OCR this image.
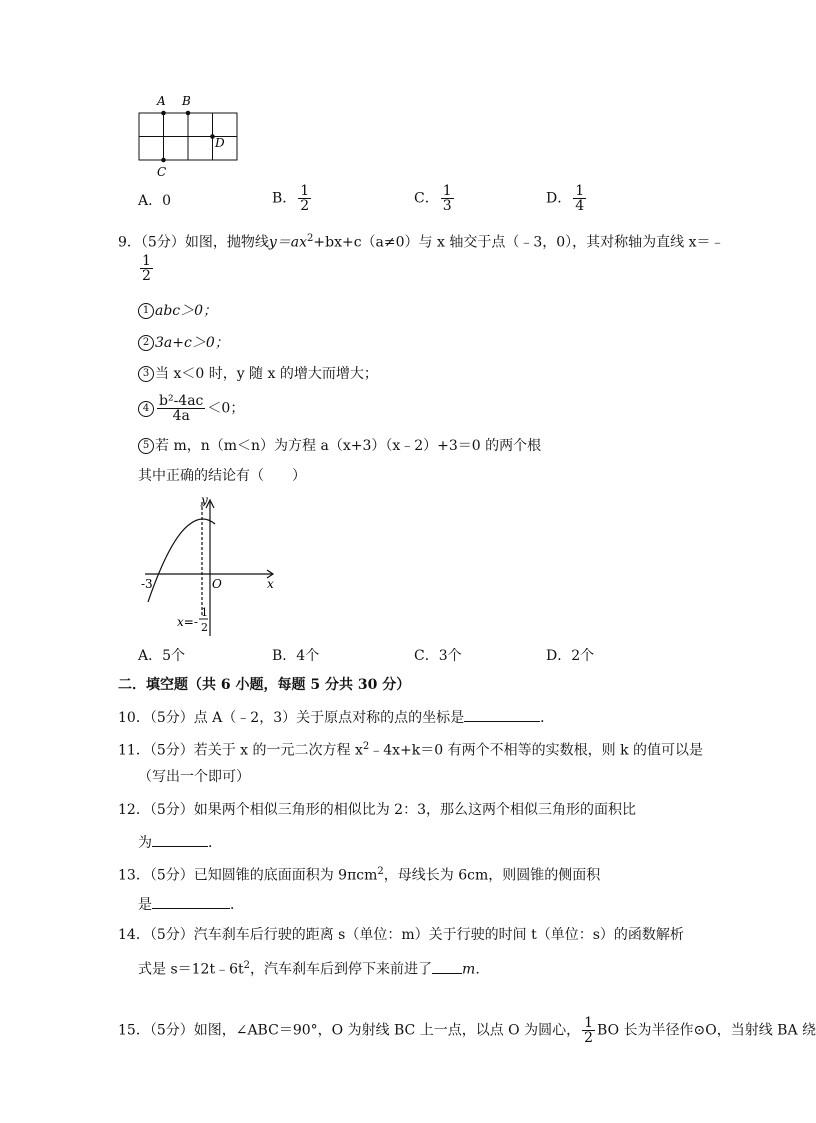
A B
C
D
A．0	B． $\frac{1}{2}$	C． $\frac{1}{3}$	D． $\frac{1}{4}$
9．（5分）如图，抛物线$y=ax^2+bx+c(a\ne 0)$与 x 轴交于点（﹣3，0），其对称轴为直线 x＝﹣
$\frac{1}{2}$
1 abc＞0；
2 3a+c＞0；
3 当 x＜0 时，y 随 x 的增大而增大；
$4 \frac{\text{b²‐4ac}}{4a} <0$；
5 若 m，n（m＜n）为方程 a（x+3）（x﹣2）+3＝0 的两个根
其中正确的结论有（　　）
y
x
O
-3
x=-
1
2
A．5个	B．4个	C．3个	D．2个
二．填空题（共 6 小题，每题 5 分共 30 分）
10．（5分）点 A（﹣2，3）关于原点对称的点的坐标是	．
11．（5分）若关于 x 的一元二次方程 $x^2﹣4x+k=0$ 有两个不相等的实数根，则 k 的值可以是
（写出一个即可）
12．（5分）如果两个相似三角形的相似比为 2：3，那么这两个相似三角形的面积比
为	．
13．（5分）已知圆锥的底面面积为 9πcm$^2$，母线长为 6cm，则圆锥的侧面积
是	．
14．（5分）汽车刹车后行驶的距离 s（单位：m）关于行驶的时间 t（单位：s）的函数解析
式是 $s=12t﹣6t^2$，汽车刹车后到停下来前进了 m．
15．（5分）如图，∠ABC＝90°，O 为射线 BC 上一点，以点 O 为圆心， $\frac{1}{2}$ BO 长为半径作⊙O，当射线 BA 绕
